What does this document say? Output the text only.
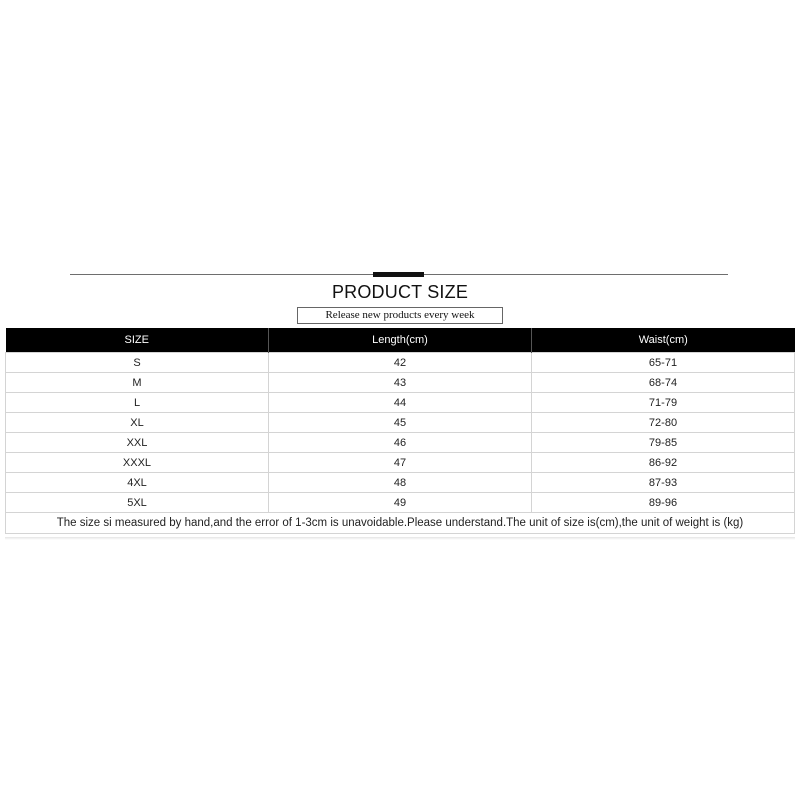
PRODUCT SIZE
Release new products every week
SIZE	Length(cm)	Waist(cm)
S	42	65-71
M	43	68-74
L	44	71-79
XL	45	72-80
XXL	46	79-85
XXXL	47	86-92
4XL	48	87-93
5XL	49	89-96
The size si measured by hand,and the error of 1-3cm is unavoidable.Please understand.The unit of size is(cm),the unit of weight is (kg)		
